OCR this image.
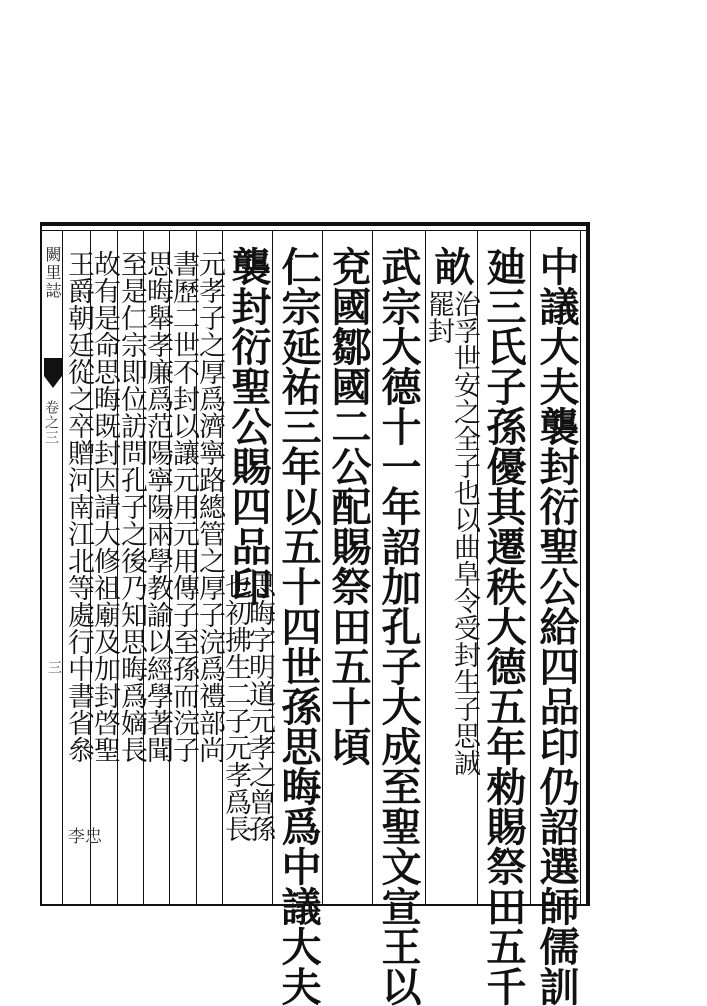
闕里誌
卷之三
三
李忠	中議大夫襲封衍聖公給四品印仍詔選師儒訓
廸三氏子孫優其遷秩大德五年勑賜祭田五千
畝
治孚世安之全子也以曲阜令受封生子思誠
罷封
武宗大德十一年詔加孔子大成至聖文宣王以
兗國鄒國二公配賜祭田五十頃
仁宗延祐三年以五十四世孫思晦爲中議大夫
襲封衍聖公賜四品印
思晦字明道元孝之曾孫
也初拂生二子元孝爲長
元孝子之厚爲濟寧路總管之厚子浣爲禮部尚
書歷二世不封以讓元用元用傳子至孫而浣子
思晦舉孝廉爲范陽寧陽兩學教諭以經學著聞
至是仁宗即位訪問孔子之後乃知思晦爲嫡長
故有是命思晦既封因請大修祖廟及加封啓聖
王爵朝廷從之卒贈河南江北等處行中書省叅
